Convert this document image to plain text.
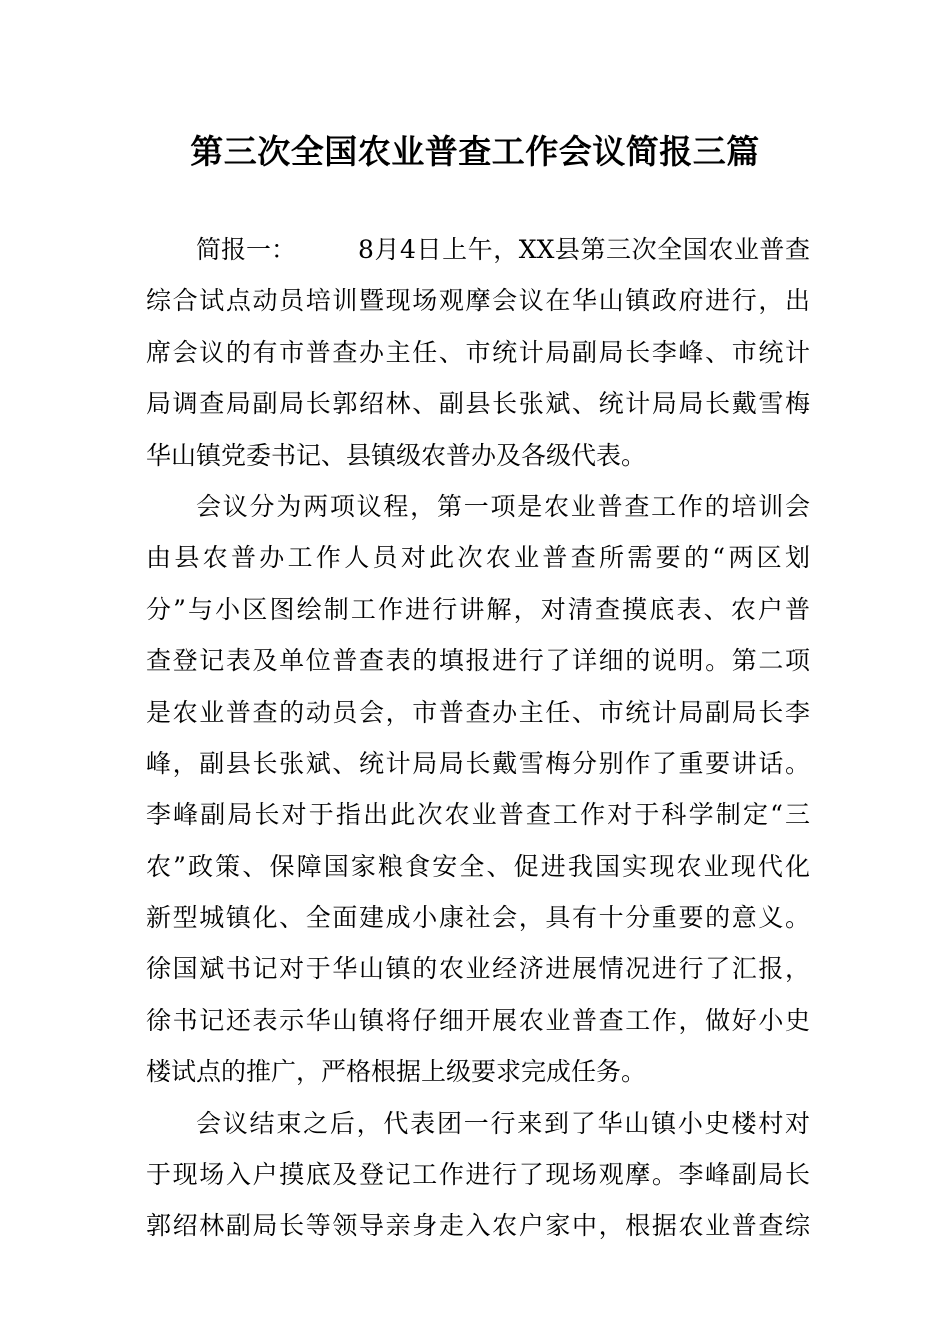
第三次全国农业普查工作会议简报三篇
简报一： 8月4日上午，XX县第三次全国农业普查
综合试点动员培训暨现场观摩会议在华山镇政府进行，出
席会议的有市普查办主任、市统计局副局长李峰、市统计
局调查局副局长郭绍林、副县长张斌、统计局局长戴雪梅
华山镇党委书记、县镇级农普办及各级代表。
会议分为两项议程，第一项是农业普查工作的培训会
由县农普办工作人员对此次农业普查所需要的“两区划
分”与小区图绘制工作进行讲解，对清查摸底表、农户普
查登记表及单位普查表的填报进行了详细的说明。第二项
是农业普查的动员会，市普查办主任、市统计局副局长李
峰，副县长张斌、统计局局长戴雪梅分别作了重要讲话。
李峰副局长对于指出此次农业普查工作对于科学制定“三
农”政策、保障国家粮食安全、促进我国实现农业现代化
新型城镇化、全面建成小康社会，具有十分重要的意义。
徐国斌书记对于华山镇的农业经济进展情况进行了汇报，
徐书记还表示华山镇将仔细开展农业普查工作，做好小史
楼试点的推广，严格根据上级要求完成任务。
会议结束之后，代表团一行来到了华山镇小史楼村对
于现场入户摸底及登记工作进行了现场观摩。李峰副局长
郭绍林副局长等领导亲身走入农户家中，根据农业普查综
